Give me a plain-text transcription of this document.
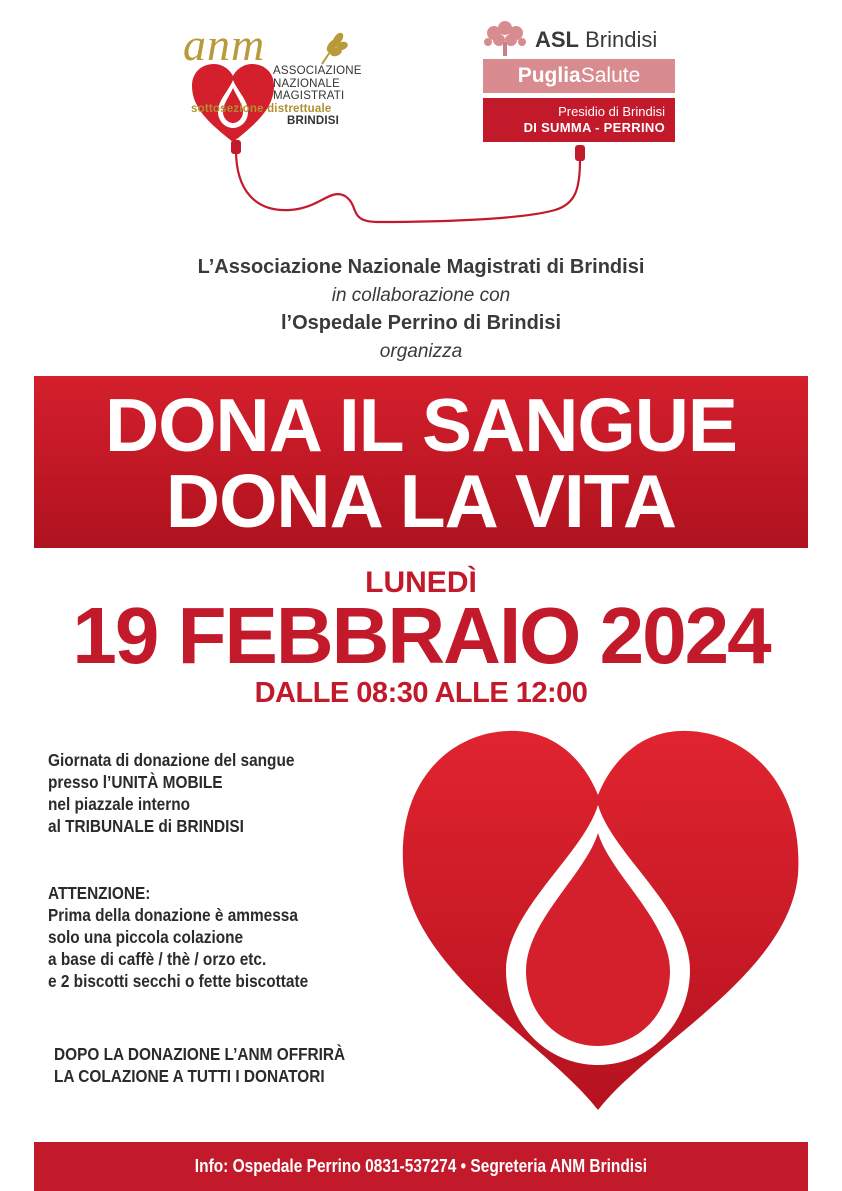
anm
ASSOCIAZIONE
NAZIONALE
MAGISTRATI
sottosezione distrettuale
BRINDISI
ASL Brindisi
PugliaSalute
Presidio di Brindisi
DI SUMMA - PERRINO
L’Associazione Nazionale Magistrati di Brindisi
in collaborazione con
l’Ospedale Perrino di Brindisi
organizza
DONA IL SANGUE
DONA LA VITA
LUNEDÌ
19 FEBBRAIO 2024
DALLE 08:30 ALLE 12:00
Giornata di donazione del sangue
presso l’UNITÀ MOBILE
nel piazzale interno
al TRIBUNALE di BRINDISI
ATTENZIONE:
Prima della donazione è ammessa
solo una piccola colazione
a base di caffè / thè / orzo etc.
e 2 biscotti secchi o fette biscottate
DOPO LA DONAZIONE L’ANM OFFRIRÀ
LA COLAZIONE A TUTTI I DONATORI
Info: Ospedale Perrino 0831-537274 • Segreteria ANM Brindisi
